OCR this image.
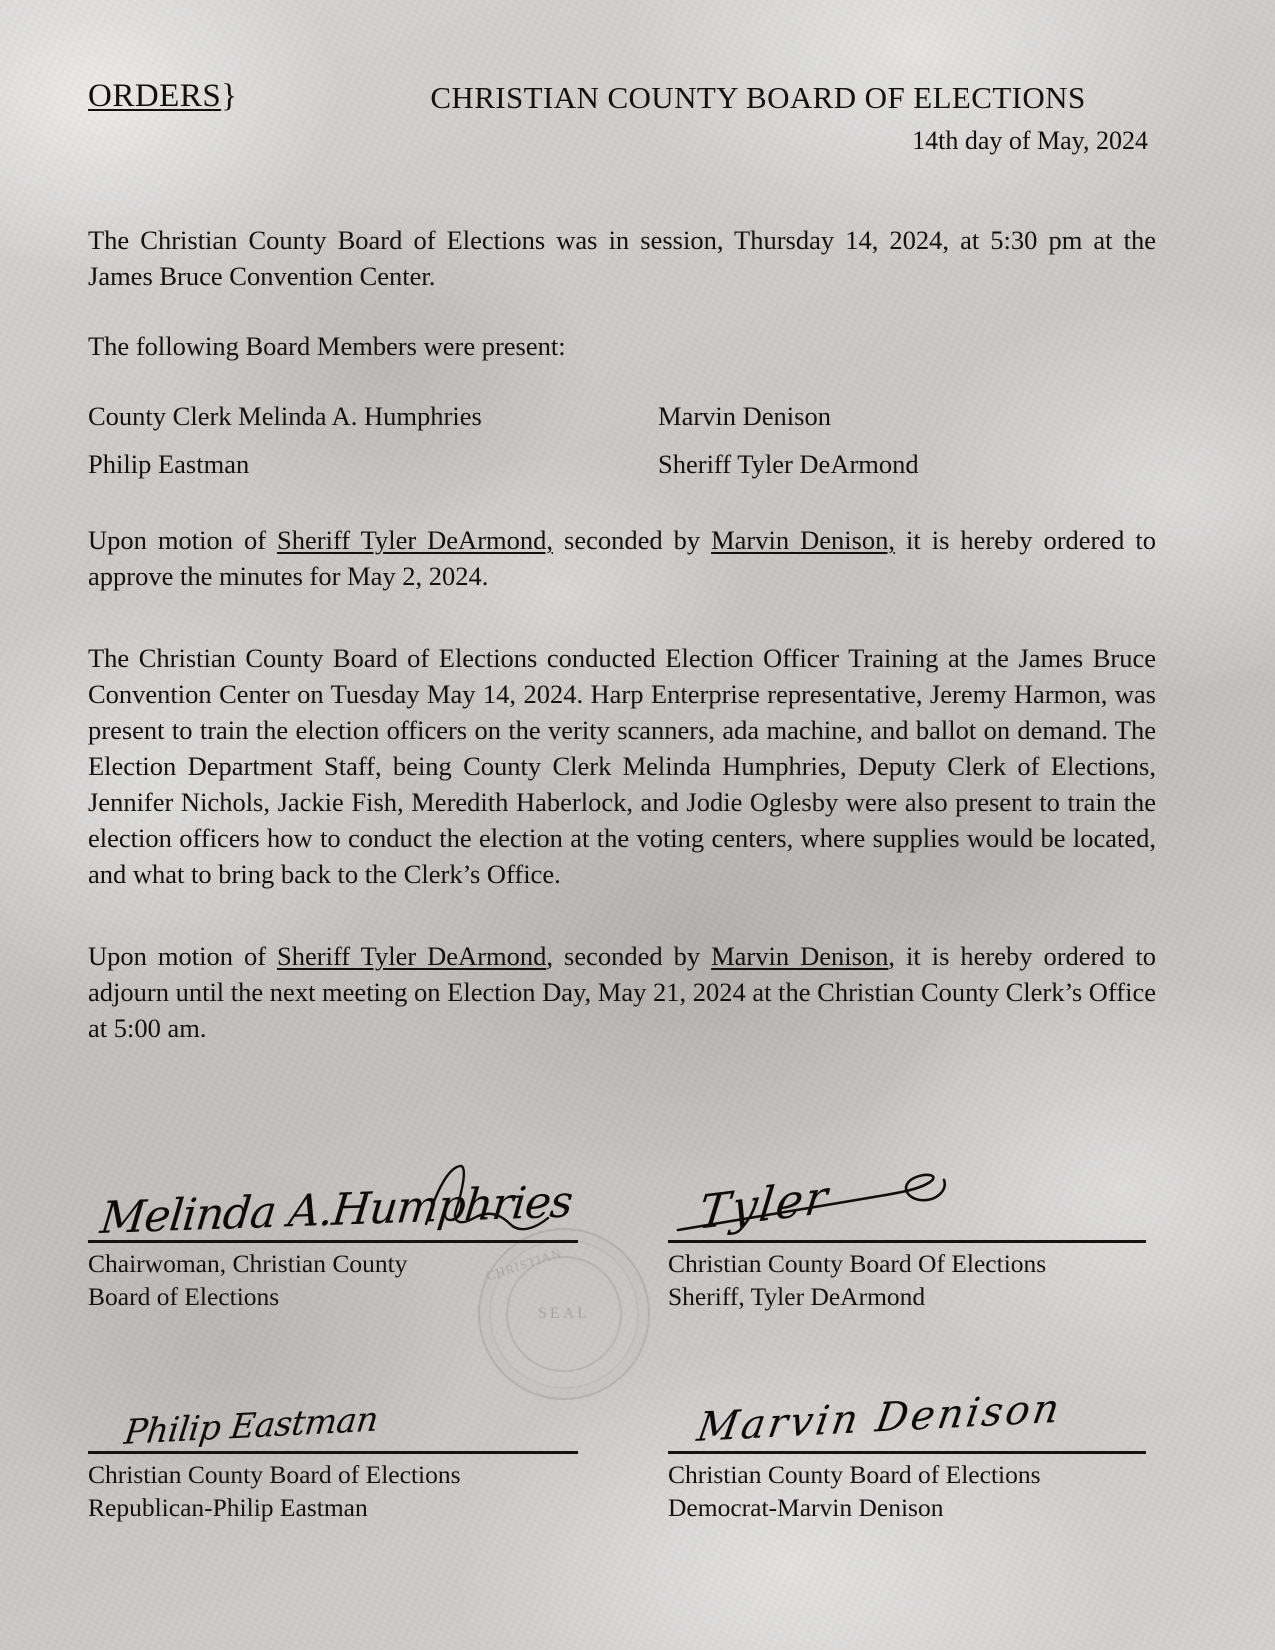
ORDERS}	CHRISTIAN COUNTY BOARD OF ELECTIONS
14th day of May, 2024

The Christian County Board of Elections was in session, Thursday 14, 2024, at 5:30 pm at the James Bruce Convention Center.

The following Board Members were present:

County Clerk Melinda A. Humphries	Marvin Denison
Philip Eastman	Sheriff Tyler DeArmond

Upon motion of Sheriff Tyler DeArmond, seconded by Marvin Denison, it is hereby ordered to approve the minutes for May 2, 2024.

The Christian County Board of Elections conducted Election Officer Training at the James Bruce Convention Center on Tuesday May 14, 2024. Harp Enterprise representative, Jeremy Harmon, was present to train the election officers on the verity scanners, ada machine, and ballot on demand. The Election Department Staff, being County Clerk Melinda Humphries, Deputy Clerk of Elections, Jennifer Nichols, Jackie Fish, Meredith Haberlock, and Jodie Oglesby were also present to train the election officers how to conduct the election at the voting centers, where supplies would be located, and what to bring back to the Clerk’s Office.

Upon motion of Sheriff Tyler DeArmond, seconded by Marvin Denison, it is hereby ordered to adjourn until the next meeting on Election Day, May 21, 2024 at the Christian County Clerk’s Office at 5:00 am.

CHRISTIAN
SEAL
Melinda A.Humphries
Chairwoman, Christian County
Board of Elections
Tyler
Christian County Board Of Elections
Sheriff, Tyler DeArmond
Philip Eastman
Christian County Board of Elections
Republican-Philip Eastman
Marvin Denison
Christian County Board of Elections
Democrat-Marvin Denison
